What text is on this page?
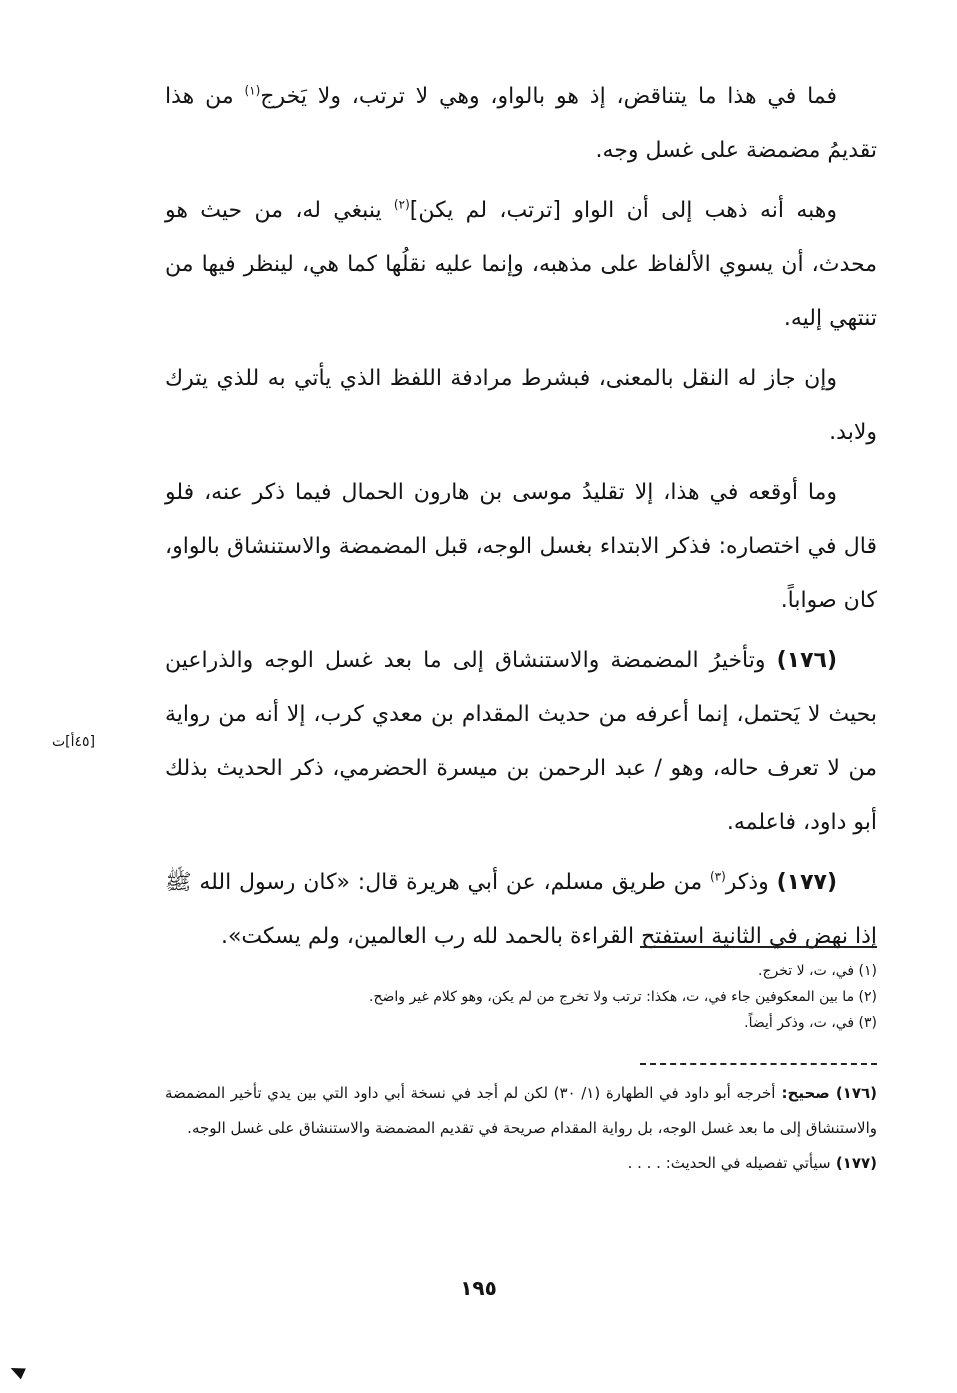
فما في هذا ما يتناقض، إذ هو بالواو، وهي لا ترتب، ولا يَخرج$^{(١)}$ من هذا تقديمُ مضمضة على غسل وجه.

وهبه أنه ذهب إلى أن الواو [ترتب، لم يكن]$^{(٢)}$ ينبغي له، من حيث هو محدث، أن يسوي الألفاظ على مذهبه، وإنما عليه نقلُها كما هي، لينظر فيها من تنتهي إليه.

وإن جاز له النقل بالمعنى، فبشرط مرادفة اللفظ الذي يأتي به للذي يترك ولابد.

وما أوقعه في هذا، إلا تقليدُ موسى بن هارون الحمال فيما ذكر عنه، فلو قال في اختصاره: فذكر الابتداء بغسل الوجه، قبل المضمضة والاستنشاق بالواو، كان صواباً.

(١٧٦) وتأخيرُ المضمضة والاستنشاق إلى ما بعد غسل الوجه والذراعين بحيث لا يَحتمل، إنما أعرفه من حديث المقدام بن معدي كرب، إلا أنه من رواية من لا تعرف حاله، وهو / عبد الرحمن بن ميسرة الحضرمي، ذكر الحديث بذلك أبو داود، فاعلمه.

(١٧٧) وذكر$^{(٣)}$ من طريق مسلم، عن أبي هريرة قال: «كان رسول الله ﷺ إذا نهض في الثانية استفتح القراءة بالحمد لله رب العالمين، ولم يسكت».

[٤٥أ]ت
(١) في، ت، لا تخرج.
(٢) ما بين المعكوفين جاء في، ت، هكذا: ترتب ولا تخرج من لم يكن، وهو كلام غير واضح.
(٣) في، ت، وذكر أيضاً.
(١٧٦) صحيح: أخرجه أبو داود في الطهارة (١/ ٣٠) لكن لم أجد في نسخة أبي داود التي بين يدي تأخير المضمضة والاستنشاق إلى ما بعد غسل الوجه، بل رواية المقدام صريحة في تقديم المضمضة والاستنشاق على غسل الوجه.
(١٧٧) سيأتي تفصيله في الحديث: . . . .
١٩٥
